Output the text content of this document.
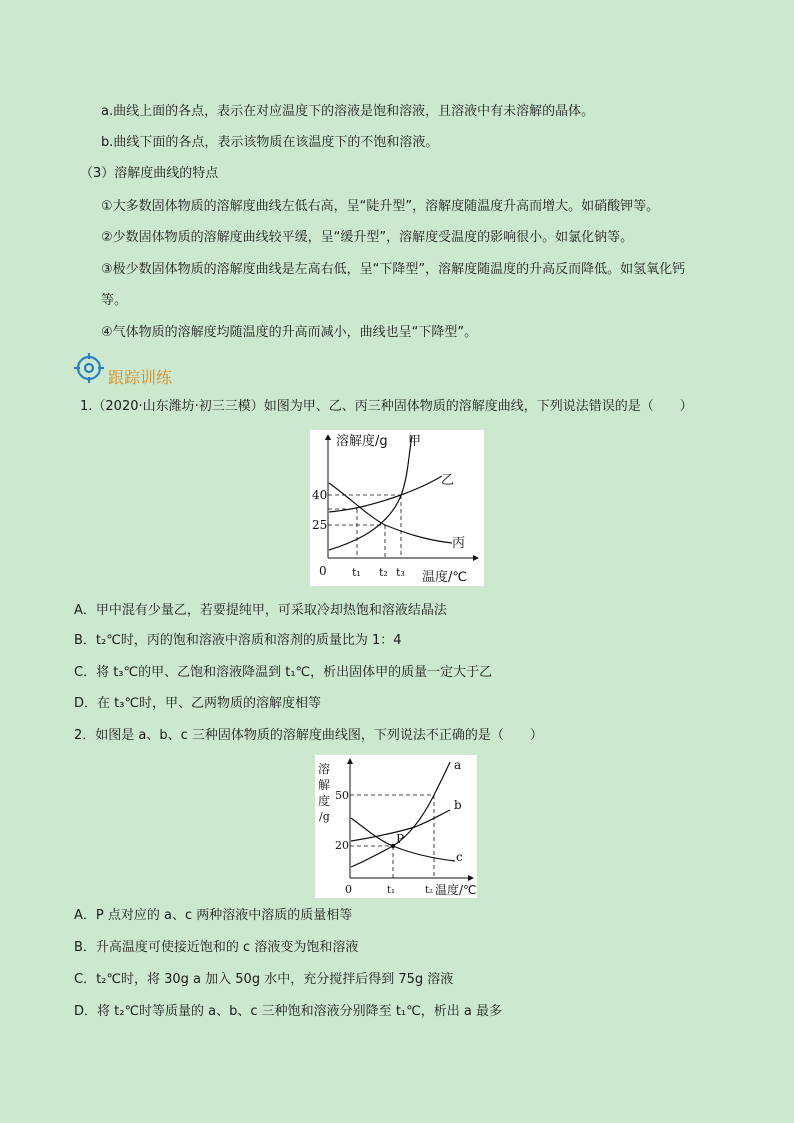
a.曲线上面的各点，表示在对应温度下的溶液是饱和溶液，且溶液中有未溶解的晶体。
b.曲线下面的各点，表示该物质在该温度下的不饱和溶液。
（3）溶解度曲线的特点
①大多数固体物质的溶解度曲线左低右高，呈“陡升型”，溶解度随温度升高而增大。如硝酸钾等。
②少数固体物质的溶解度曲线较平缓，呈“缓升型”，溶解度受温度的影响很小。如氯化钠等。
③极少数固体物质的溶解度曲线是左高右低，呈“下降型”，溶解度随温度的升高反而降低。如氢氧化钙
等。
④气体物质的溶解度均随温度的升高而减小，曲线也呈“下降型”。
跟踪训练
1.（2020·山东潍坊·初三三模）如图为甲、乙、丙三种固体物质的溶解度曲线，下列说法错误的是（　　）
溶解度/g
温度/℃
0
40
25
t₁ t₂ t₃
甲
乙
丙
A．甲中混有少量乙，若要提纯甲，可采取冷却热饱和溶液结晶法
B．t₂℃时，丙的饱和溶液中溶质和溶剂的质量比为 1：4
C．将 t₃℃的甲、乙饱和溶液降温到 t₁℃，析出固体甲的质量一定大于乙
D．在 t₃℃时，甲、乙两物质的溶解度相等
2．如图是 a、b、c 三种固体物质的溶解度曲线图，下列说法不正确的是（　　）
溶
解
度
/g
温度/℃
0
50
20
t₁	t₂
P
a
b
c
A．P 点对应的 a、c 两种溶液中溶质的质量相等
B．升高温度可使接近饱和的 c 溶液变为饱和溶液
C．t₂℃时，将 30g a 加入 50g 水中，充分搅拌后得到 75g 溶液
D．将 t₂℃时等质量的 a、b、c 三种饱和溶液分别降至 t₁℃，析出 a 最多
